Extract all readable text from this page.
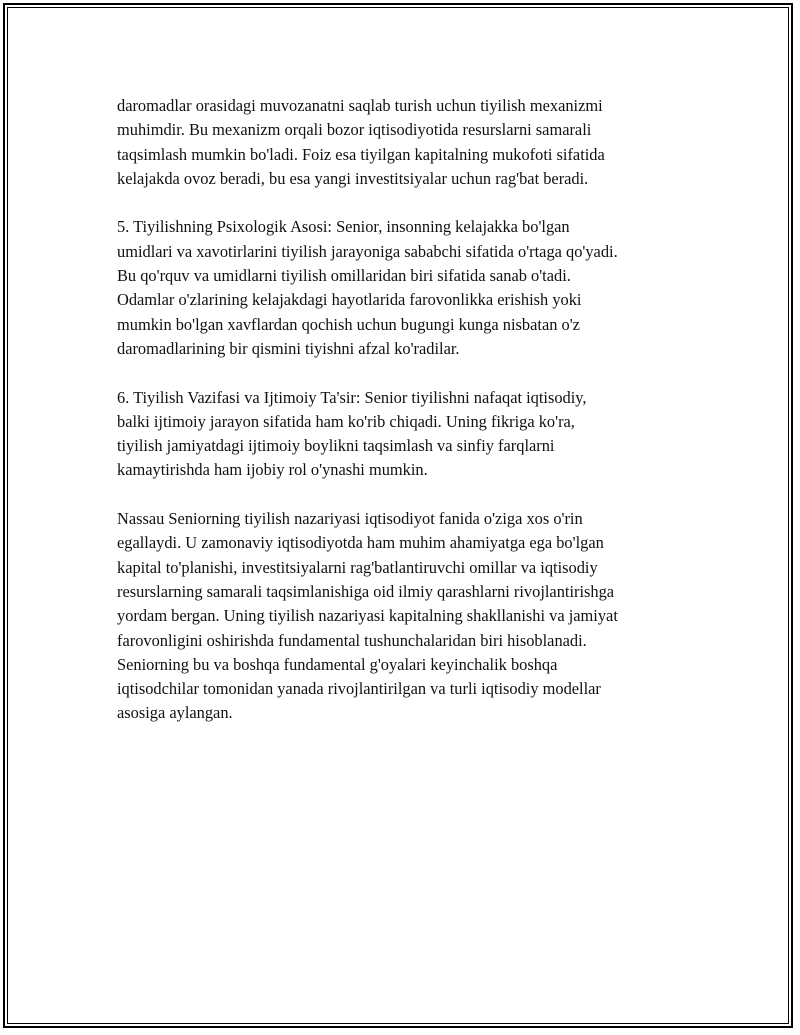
daromadlar orasidagi muvozanatni saqlab turish uchun tiyilish mexanizmi
muhimdir. Bu mexanizm orqali bozor iqtisodiyotida resurslarni samarali
taqsimlash mumkin bo'ladi. Foiz esa tiyilgan kapitalning mukofoti sifatida
kelajakda ovoz beradi, bu esa yangi investitsiyalar uchun rag'bat beradi.

5. Tiyilishning Psixologik Asosi: Senior, insonning kelajakka bo'lgan
umidlari va xavotirlarini tiyilish jarayoniga sababchi sifatida o'rtaga qo'yadi.
Bu qo'rquv va umidlarni tiyilish omillaridan biri sifatida sanab o'tadi.
Odamlar o'zlarining kelajakdagi hayotlarida farovonlikka erishish yoki
mumkin bo'lgan xavflardan qochish uchun bugungi kunga nisbatan o'z
daromadlarining bir qismini tiyishni afzal ko'radilar.

6. Tiyilish Vazifasi va Ijtimoiy Ta'sir: Senior tiyilishni nafaqat iqtisodiy,
balki ijtimoiy jarayon sifatida ham ko'rib chiqadi. Uning fikriga ko'ra,
tiyilish jamiyatdagi ijtimoiy boylikni taqsimlash va sinfiy farqlarni
kamaytirishda ham ijobiy rol o'ynashi mumkin.

Nassau Seniorning tiyilish nazariyasi iqtisodiyot fanida o'ziga xos o'rin
egallaydi. U zamonaviy iqtisodiyotda ham muhim ahamiyatga ega bo'lgan
kapital to'planishi, investitsiyalarni rag'batlantiruvchi omillar va iqtisodiy
resurslarning samarali taqsimlanishiga oid ilmiy qarashlarni rivojlantirishga
yordam bergan. Uning tiyilish nazariyasi kapitalning shakllanishi va jamiyat
farovonligini oshirishda fundamental tushunchalaridan biri hisoblanadi.
Seniorning bu va boshqa fundamental g'oyalari keyinchalik boshqa
iqtisodchilar tomonidan yanada rivojlantirilgan va turli iqtisodiy modellar
asosiga aylangan.
